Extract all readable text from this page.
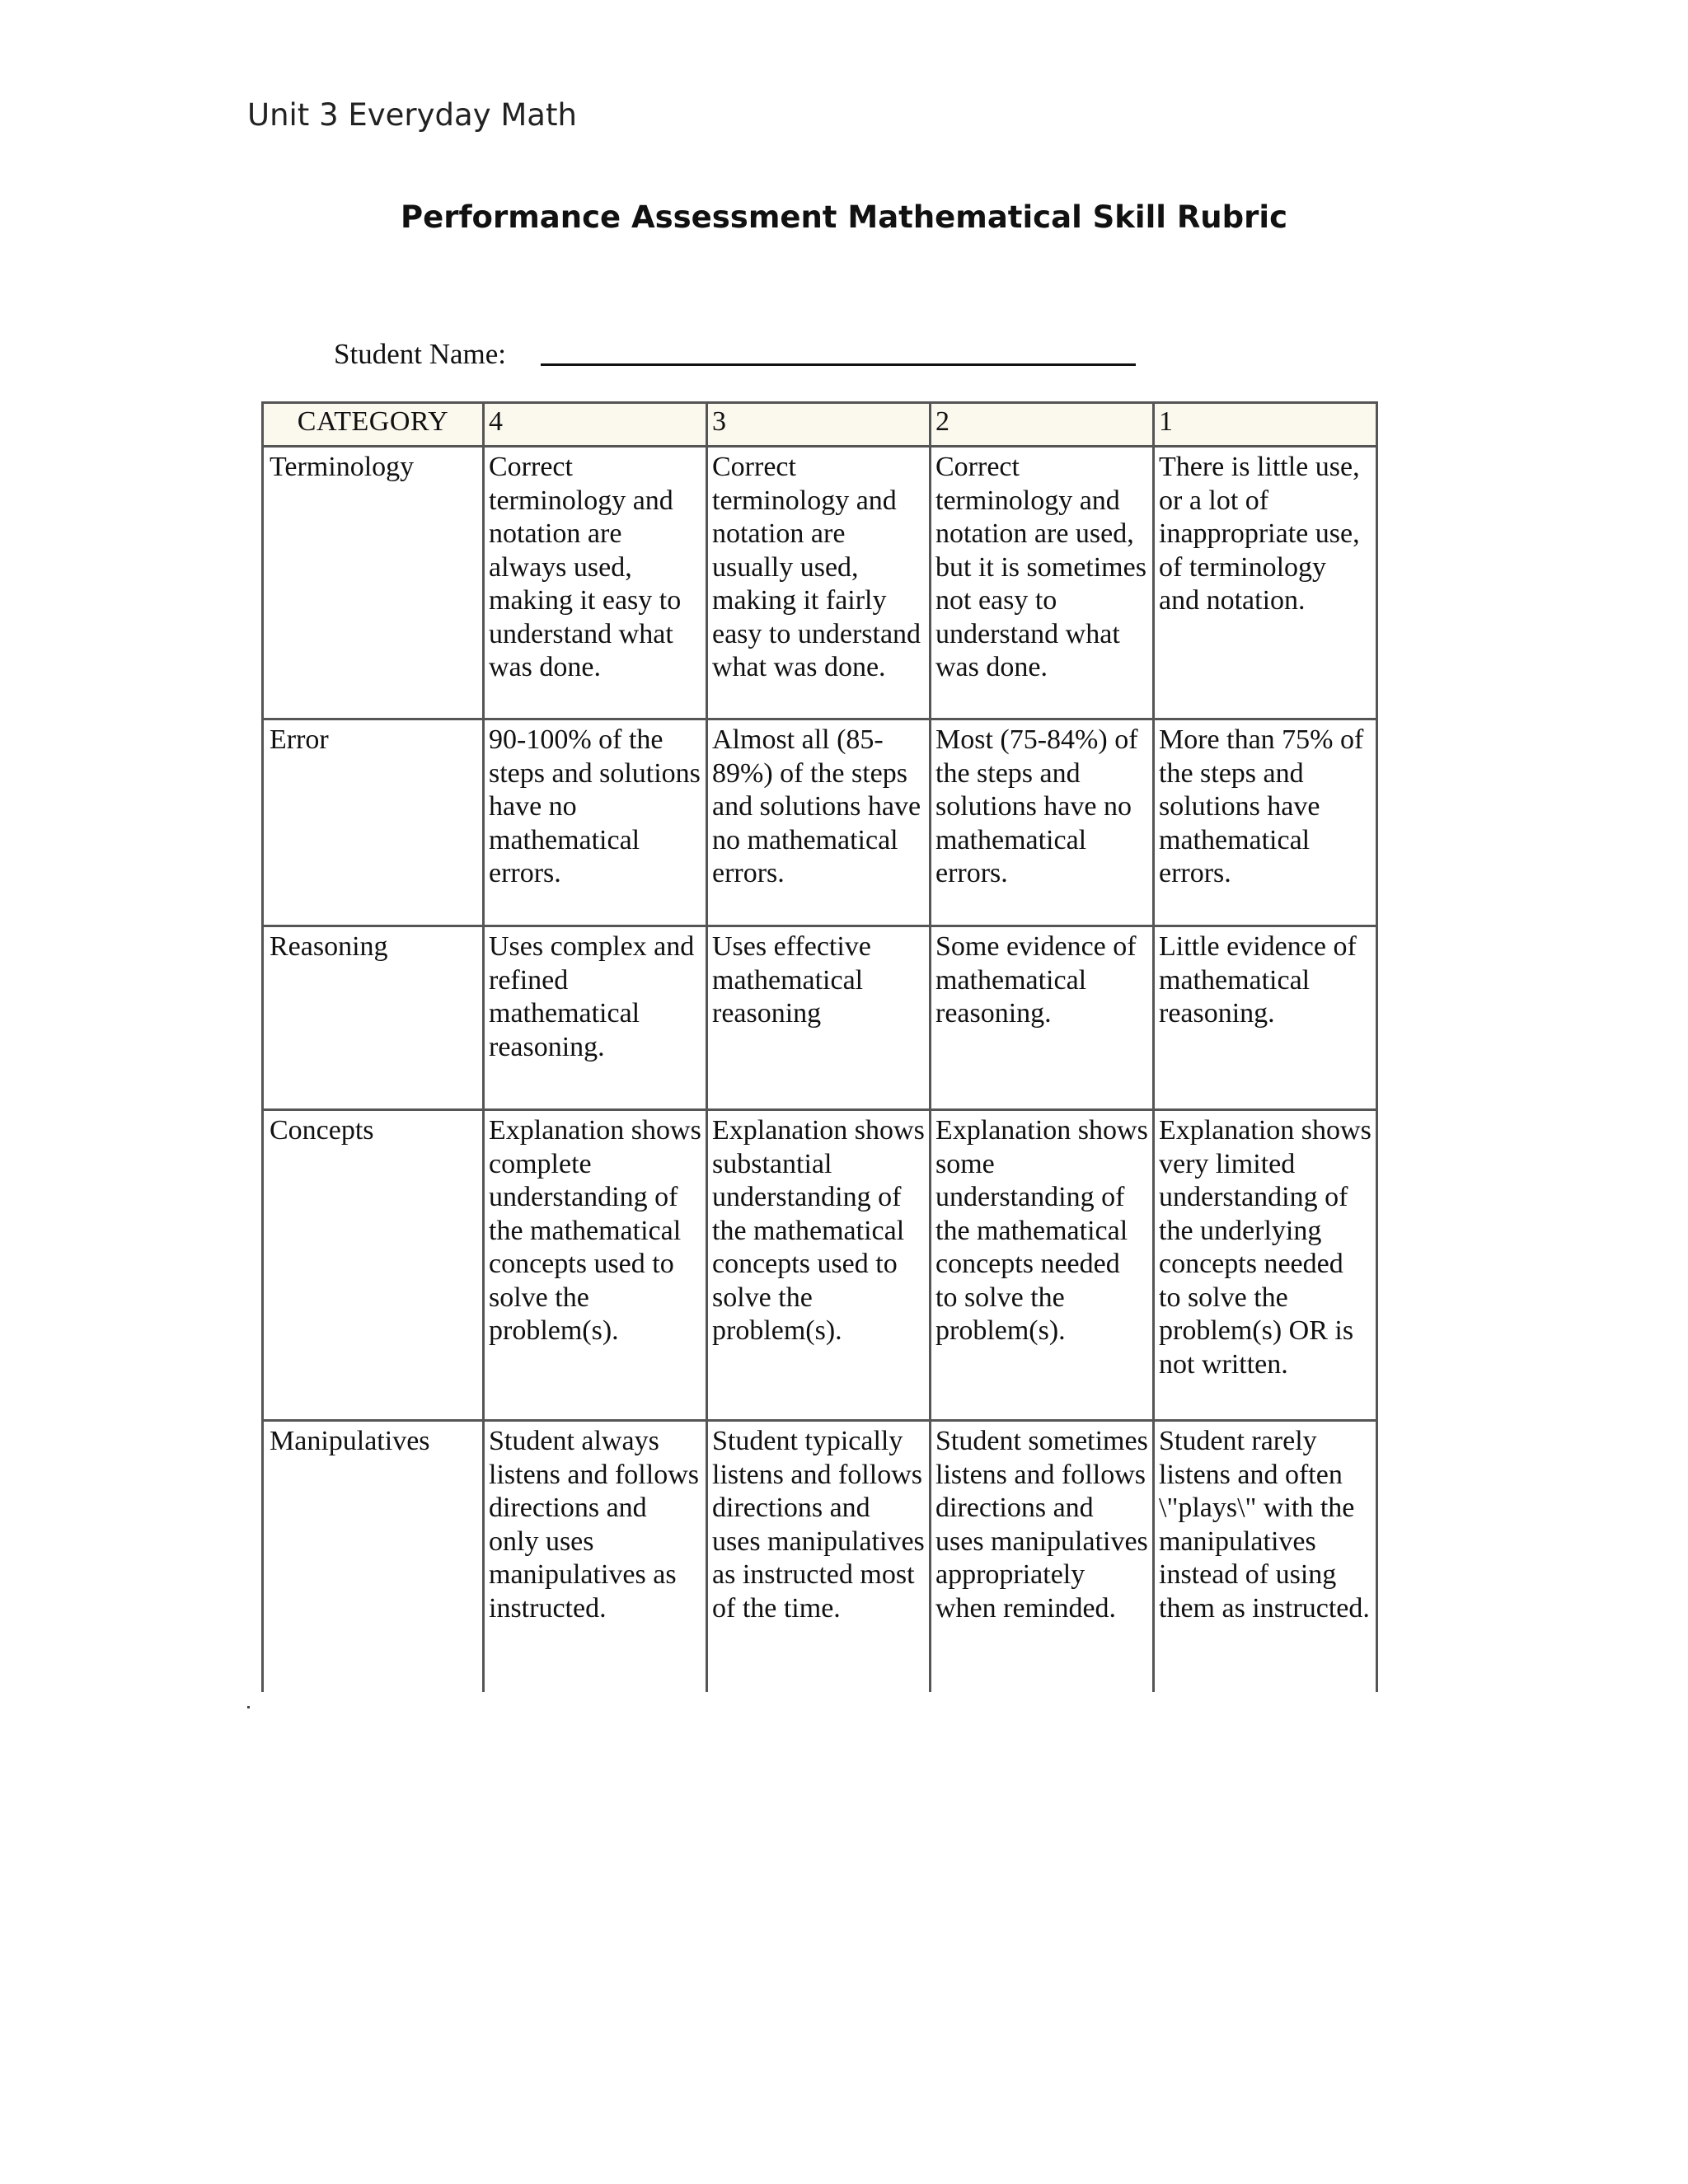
Unit 3 Everyday Math
Performance Assessment Mathematical Skill Rubric
Student Name:
CATEGORY	4	3	2	1
Terminology	Correct terminology and notation are always used, making it easy to understand what was done.	Correct terminology and notation are usually used, making it fairly easy to understand what was done.	Correct terminology and notation are used, but it is sometimes not easy to understand what was done.	There is little use, or a lot of inappropriate use, of terminology and notation.
Error	90-100% of the steps and solutions have no mathematical errors.	Almost all (85-89%) of the steps and solutions have no mathematical errors.	Most (75-84%) of the steps and solutions have no mathematical errors.	More than 75% of the steps and solutions have mathematical errors.
Reasoning	Uses complex and refined mathematical reasoning.	Uses effective mathematical reasoning	Some evidence of mathematical reasoning.	Little evidence of mathematical reasoning.
Concepts	Explanation shows complete understanding of the mathematical concepts used to solve the problem(s).	Explanation shows substantial understanding of the mathematical concepts used to solve the problem(s).	Explanation shows some understanding of the mathematical concepts needed to solve the problem(s).	Explanation shows very limited understanding of the underlying concepts needed to solve the problem(s) OR is not written.
Manipulatives	Student always listens and follows directions and only uses manipulatives as instructed.	Student typically listens and follows directions and uses manipulatives as instructed most of the time.	Student sometimes listens and follows directions and uses manipulatives appropriately when reminded.	Student rarely listens and often \"plays\" with the manipulatives instead of using them as instructed.
